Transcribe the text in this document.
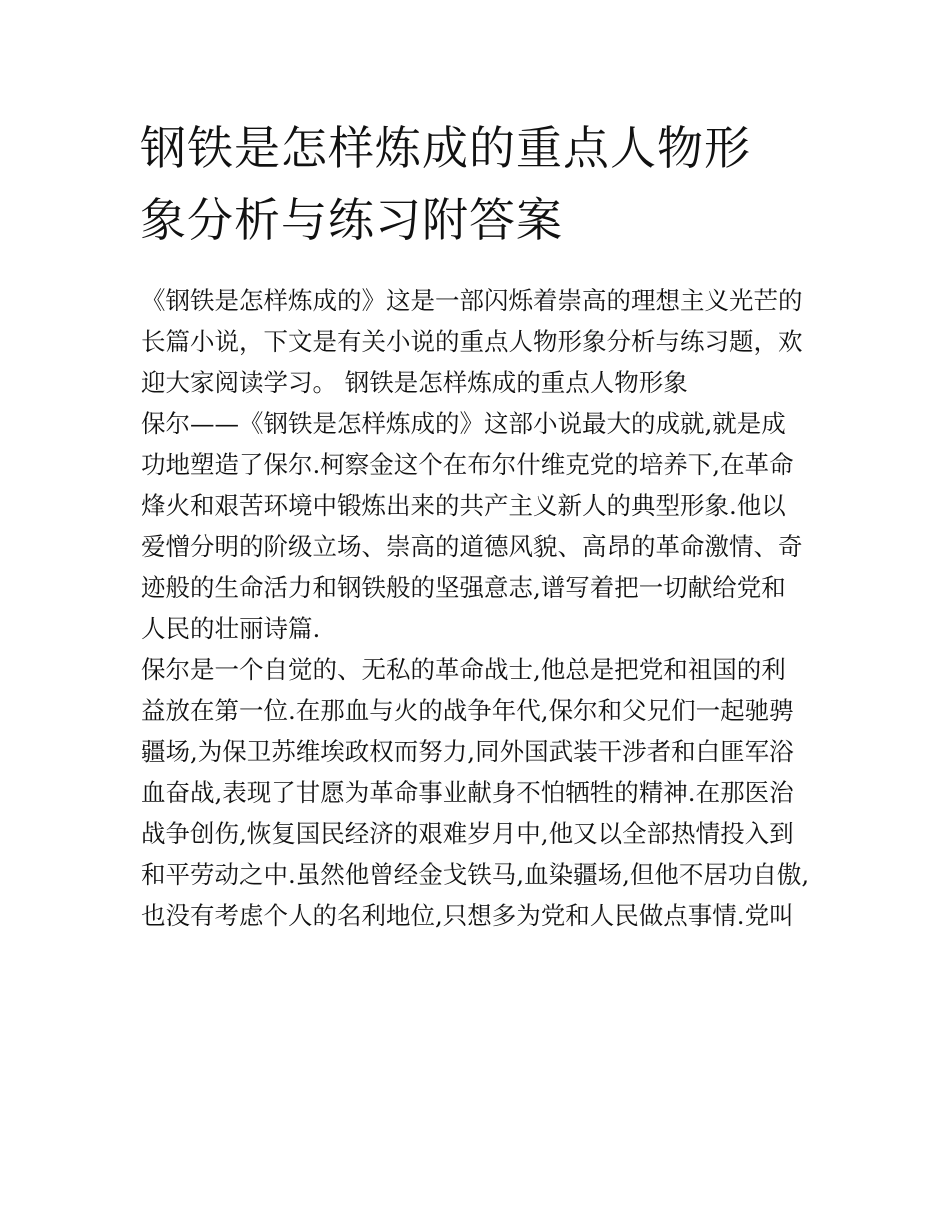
钢铁是怎样炼成的重点人物形
象分析与练习附答案
《钢铁是怎样炼成的》这是一部闪烁着崇高的理想主义光芒的
长篇小说，下文是有关小说的重点人物形象分析与练习题，欢
迎大家阅读学习。 钢铁是怎样炼成的重点人物形象
保尔——《钢铁是怎样炼成的》这部小说最大的成就,就是成
功地塑造了保尔.柯察金这个在布尔什维克党的培养下,在革命
烽火和艰苦环境中锻炼出来的共产主义新人的典型形象.他以
爱憎分明的阶级立场、崇高的道德风貌、高昂的革命激情、奇
迹般的生命活力和钢铁般的坚强意志,谱写着把一切献给党和
人民的壮丽诗篇.
保尔是一个自觉的、无私的革命战士,他总是把党和祖国的利
益放在第一位.在那血与火的战争年代,保尔和父兄们一起驰骋
疆场,为保卫苏维埃政权而努力,同外国武装干涉者和白匪军浴
血奋战,表现了甘愿为革命事业献身不怕牺牲的精神.在那医治
战争创伤,恢复国民经济的艰难岁月中,他又以全部热情投入到
和平劳动之中.虽然他曾经金戈铁马,血染疆场,但他不居功自傲,
也没有考虑个人的名利地位,只想多为党和人民做点事情.党叫
